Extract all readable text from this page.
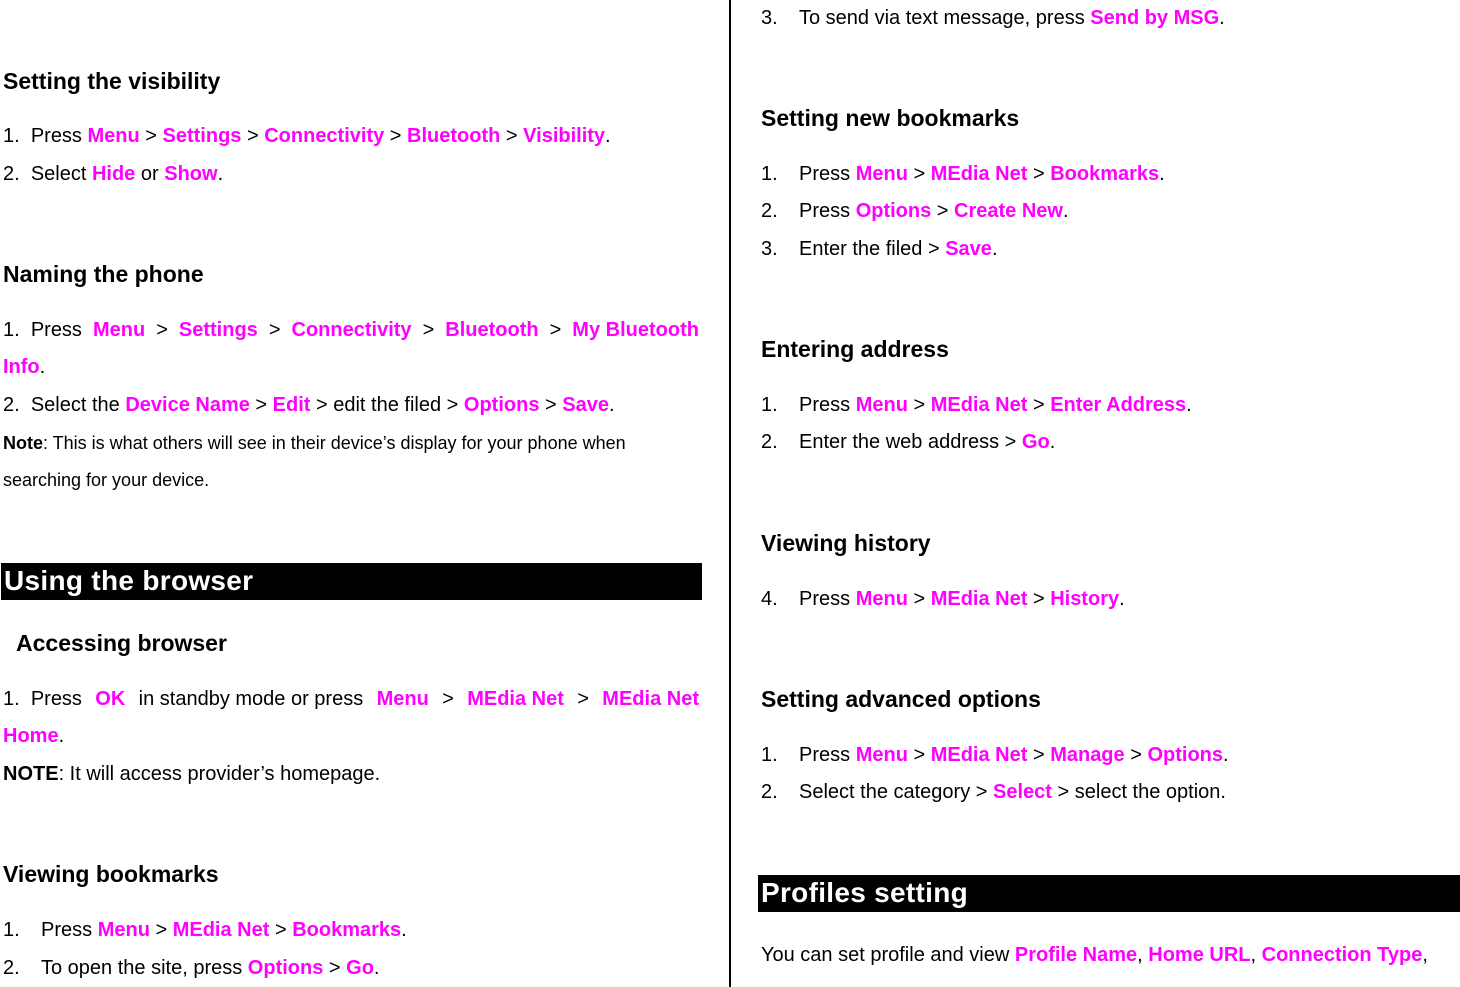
Setting the visibility
1. Press Menu > Settings > Connectivity > Bluetooth > Visibility.
2. Select Hide or Show.
Naming the phone
1. Press Menu > Settings > Connectivity > Bluetooth > My Bluetooth
Info.
2. Select the Device Name > Edit > edit the filed > Options > Save.
Note: This is what others will see in their device’s display for your phone when
searching for your device.
Using the browser
Accessing browser
1. Press OK in standby mode or press Menu > MEdia Net > MEdia Net
Home.
NOTE: It will access provider’s homepage.
Viewing bookmarks
1. Press Menu > MEdia Net > Bookmarks.
2. To open the site, press Options > Go.
3. To send via text message, press Send by MSG.
Setting new bookmarks
1. Press Menu > MEdia Net > Bookmarks.
2. Press Options > Create New.
3. Enter the filed > Save.
Entering address
1. Press Menu > MEdia Net > Enter Address.
2. Enter the web address > Go.
Viewing history
4. Press Menu > MEdia Net > History.
Setting advanced options
1. Press Menu > MEdia Net > Manage > Options.
2. Select the category > Select > select the option.
Profiles setting
You can set profile and view Profile Name, Home URL, Connection Type,
